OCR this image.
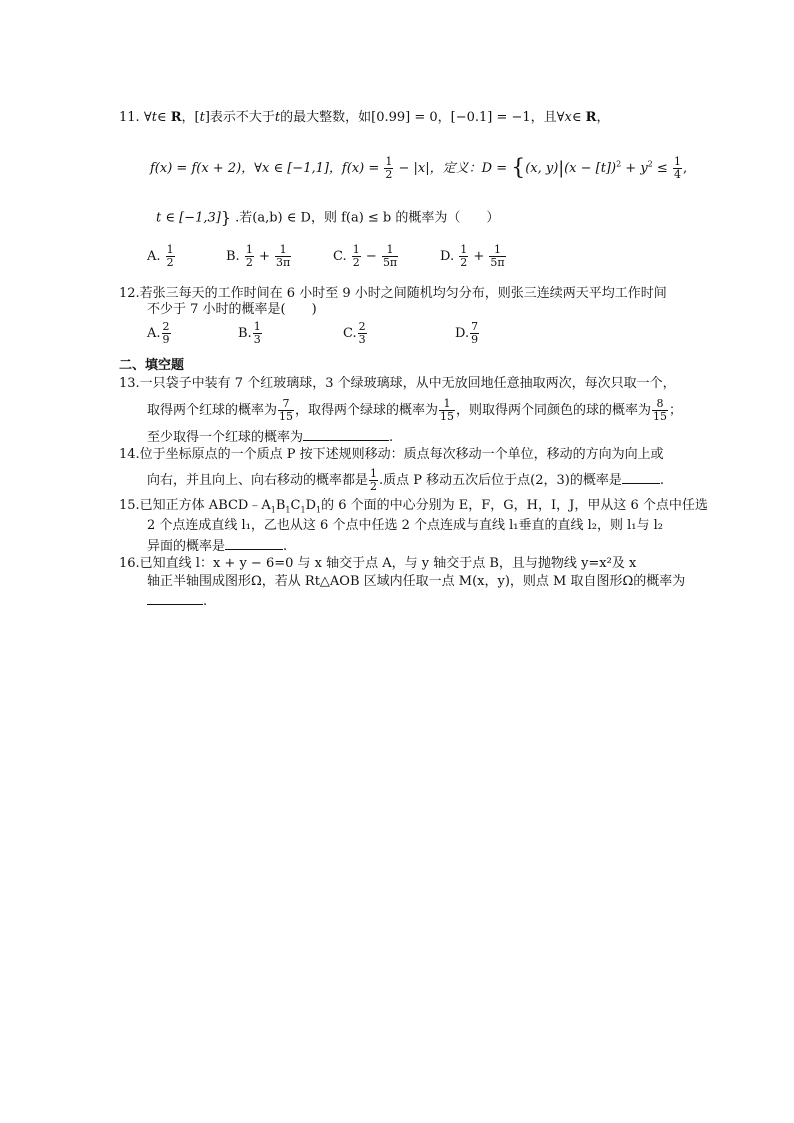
11. ∀t∈ R，[t]表示不大于t的最大整数，如[0.99] = 0，[−0.1] = −1，且∀x∈ R，
f(x) = f(x + 2)，∀x ∈ [−1,1]，$f(x) = \frac{1}{2} - |x|$，定义：D = {(x, $y)|(x - [t])^2 + y^2 \le \frac{1}{4}$ ,
t ∈ [−1,3]} .若(a,b) ∈ D，则 f(a) ≤ b 的概率为（　　）
A. $\frac{1}{2}$	B. $\frac{1}{2} + \frac{1}{3\pi}$	C. $\frac{1}{2} - \frac{1}{5\pi}$	D. $\frac{1}{2} + \frac{1}{5\pi}$
12.若张三每天的工作时间在 6 小时至 9 小时之间随机均匀分布，则张三连续两天平均工作时间
不少于 7 小时的概率是(　　)
A. $\frac{2}{9}$	B. $\frac{1}{3}$	C. $\frac{2}{3}$	D. $\frac{7}{9}$
二、填空题
13.一只袋子中装有 7 个红玻璃球，3 个绿玻璃球，从中无放回地任意抽取两次，每次只取一个，
取得两个红球的概率为 $\frac{7}{15}$ ，取得两个绿球的概率为 $\frac{1}{15}$ ，则取得两个同颜色的球的概率为 $\frac{8}{15}$ ；
至少取得一个红球的概率为	.
14.位于坐标原点的一个质点 P 按下述规则移动：质点每次移动一个单位，移动的方向为向上或
向右，并且向上、向右移动的概率都是 $\frac{1}{2}$ .质点 P 移动五次后位于点(2，3)的概率是	.
15.已知正方体 $ABCD﹣A_1B_1C_1D_1$的 6 个面的中心分别为 E，F，G，H，I，J，甲从这 6 个点中任选
2 个点连成直线 l₁，乙也从这 6 个点中任选 2 个点连成与直线 l₁垂直的直线 l₂，则 l₁与 l₂
异面的概率是	.
16.已知直线 l：x + y − 6=0 与 x 轴交于点 A，与 y 轴交于点 B，且与抛物线 y=x²及 x
轴正半轴围成图形Ω，若从 Rt△AOB 区域内任取一点 M(x，y)，则点 M 取自图形Ω的概率为
.
